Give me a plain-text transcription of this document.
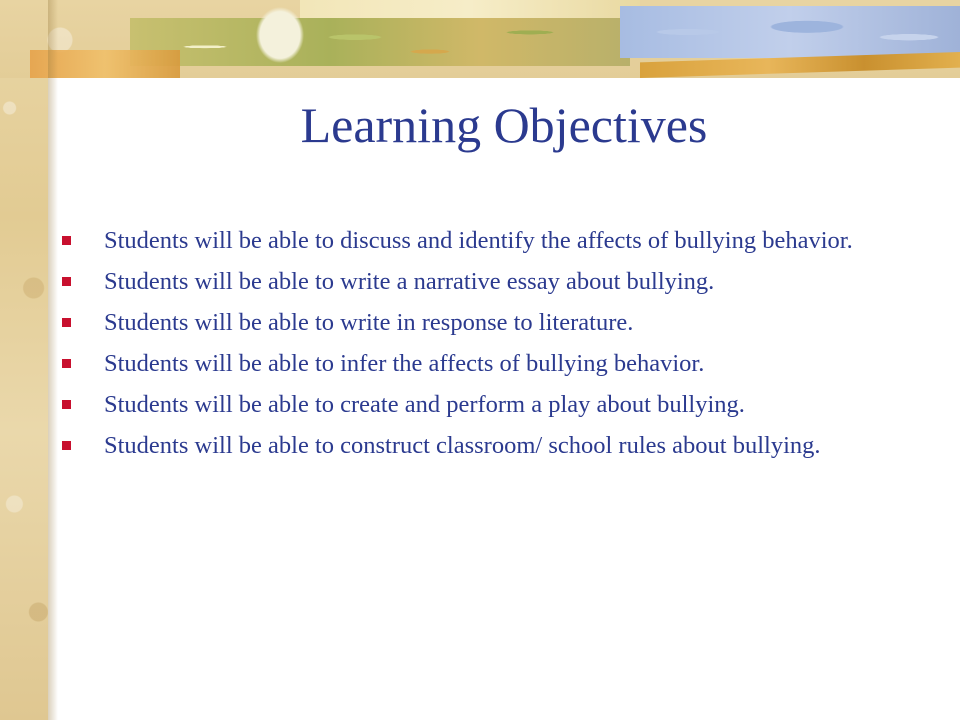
Learning Objectives
Students will be able to discuss and identify the affects of bullying behavior.
Students will be able to write a narrative essay about bullying.
Students will be able to write in response to literature.
Students will be able to infer the affects of bullying behavior.
Students will be able to create and perform a play about bullying.
Students will be able to construct classroom/ school rules about bullying.
